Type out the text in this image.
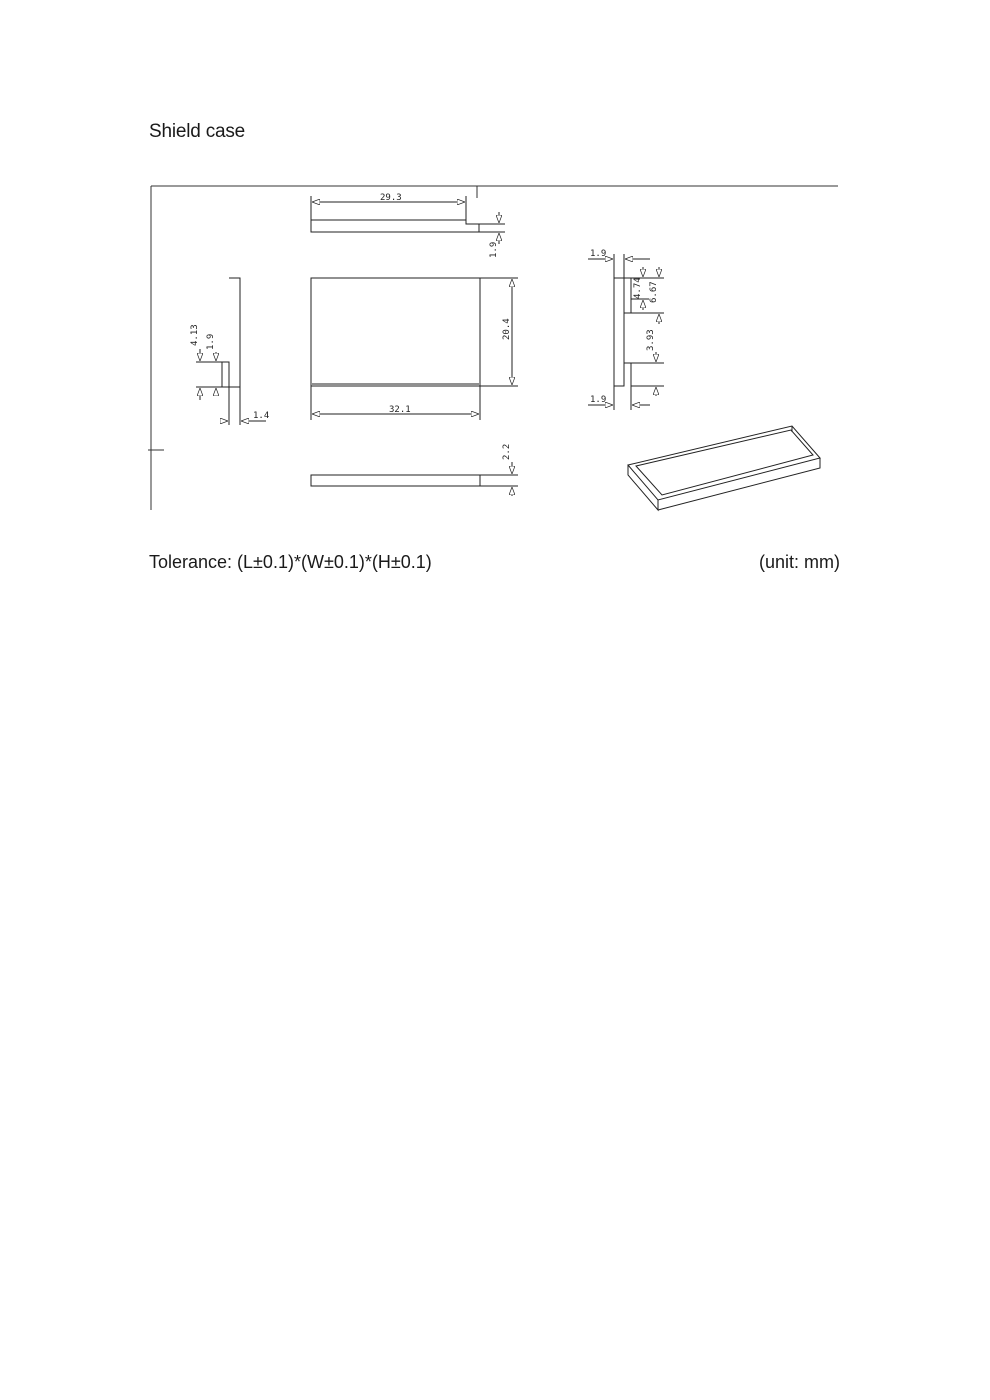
Shield case
29.3
1.9
4.13 1.9
1.4
20.4
32.1
1.9
4.74 6.67
3.93
1.9
2.2
Tolerance: (L±0.1)*(W±0.1)*(H±0.1)	(unit: mm)
